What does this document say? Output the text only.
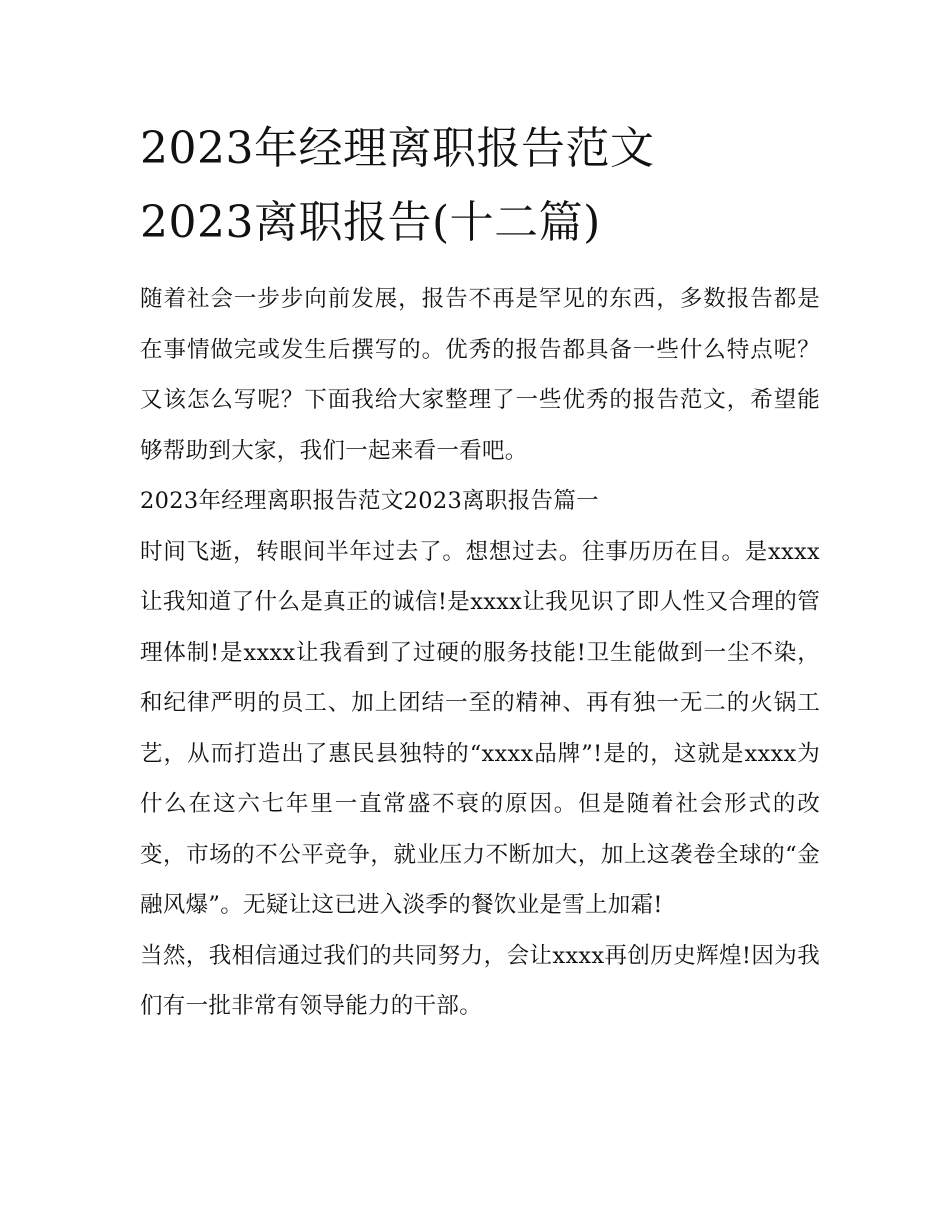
2023年经理离职报告范文
2023离职报告(十二篇)

随着社会一步步向前发展，报告不再是罕见的东西，多数报告都是在事情做完或发生后撰写的。优秀的报告都具备一些什么特点呢？又该怎么写呢？下面我给大家整理了一些优秀的报告范文，希望能够帮助到大家，我们一起来看一看吧。

2023年经理离职报告范文2023离职报告篇一

时间飞逝，转眼间半年过去了。想想过去。往事历历在目。是xxxx让我知道了什么是真正的诚信!是xxxx让我见识了即人性又合理的管理体制!是xxxx让我看到了过硬的服务技能!卫生能做到一尘不染，和纪律严明的员工、加上团结一至的精神、再有独一无二的火锅工艺，从而打造出了惠民县独特的“xxxx品牌”!是的，这就是xxxx为什么在这六七年里一直常盛不衰的原因。但是随着社会形式的改变，市场的不公平竞争，就业压力不断加大，加上这袭卷全球的“金融风爆”。无疑让这已进入淡季的餐饮业是雪上加霜!

当然，我相信通过我们的共同努力，会让xxxx再创历史辉煌!因为我们有一批非常有领导能力的干部。
